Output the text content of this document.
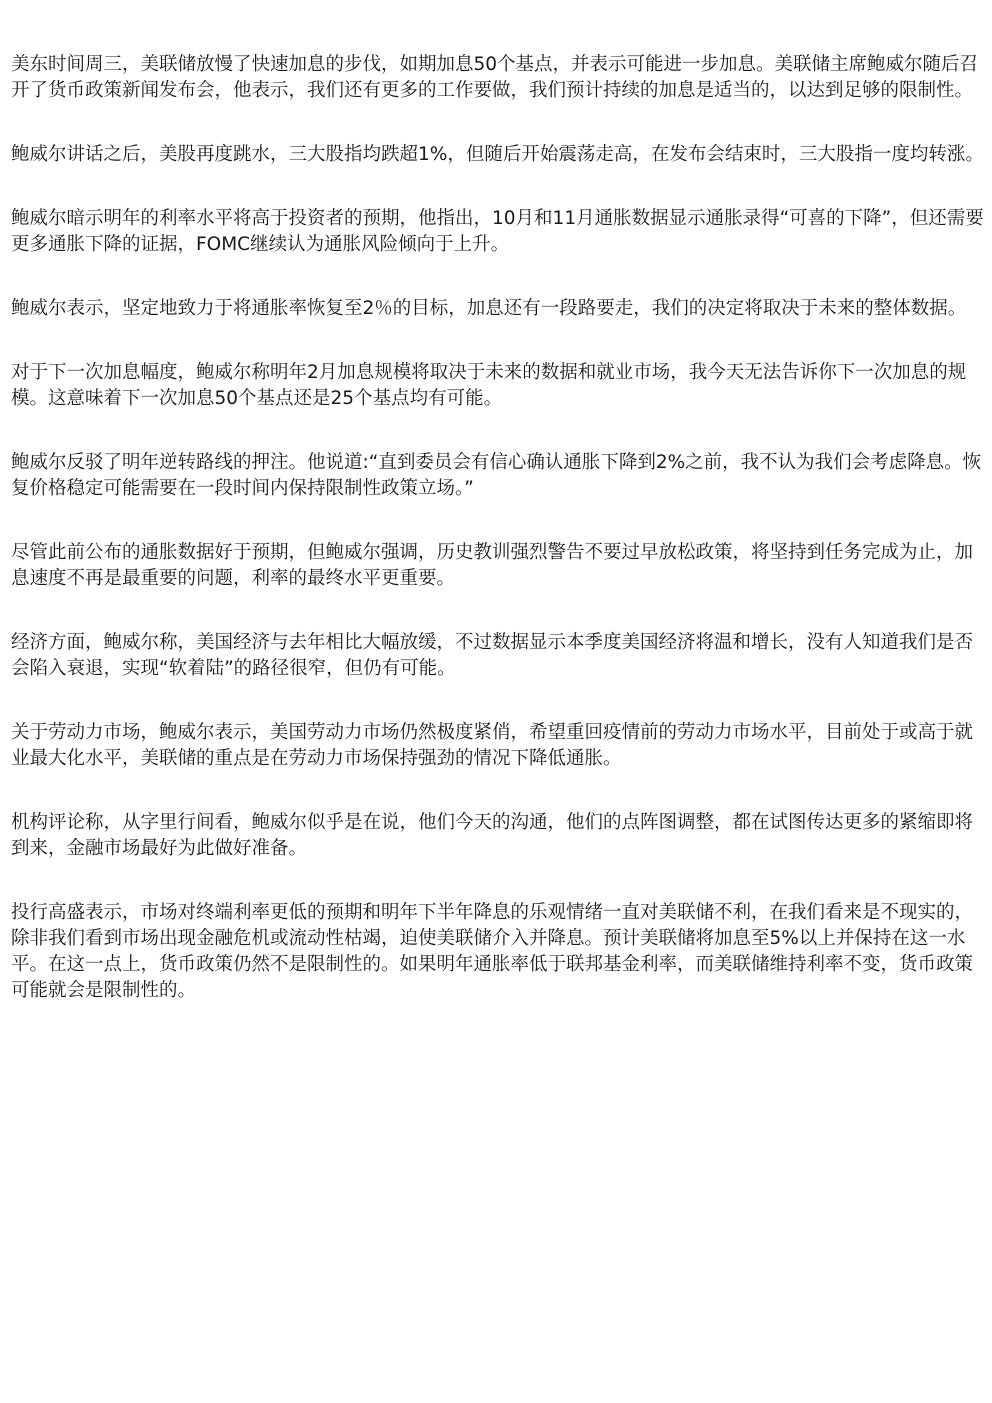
美东时间周三，美联储放慢了快速加息的步伐，如期加息50个基点，并表示可能进一步加息。美联储主席鲍威尔随后召开了货币政策新闻发布会，他表示，我们还有更多的工作要做，我们预计持续的加息是适当的，以达到足够的限制性。

鲍威尔讲话之后，美股再度跳水，三大股指均跌超1%，但随后开始震荡走高，在发布会结束时，三大股指一度均转涨。

鲍威尔暗示明年的利率水平将高于投资者的预期，他指出，10月和11月通胀数据显示通胀录得“可喜的下降”，但还需要更多通胀下降的证据，FOMC继续认为通胀风险倾向于上升。

鲍威尔表示，坚定地致力于将通胀率恢复至2％的目标，加息还有一段路要走，我们的决定将取决于未来的整体数据。

对于下一次加息幅度，鲍威尔称明年2月加息规模将取决于未来的数据和就业市场，我今天无法告诉你下一次加息的规模。这意味着下一次加息50个基点还是25个基点均有可能。

鲍威尔反驳了明年逆转路线的押注。他说道:“直到委员会有信心确认通胀下降到2%之前，我不认为我们会考虑降息。恢复价格稳定可能需要在一段时间内保持限制性政策立场。”

尽管此前公布的通胀数据好于预期，但鲍威尔强调，历史教训强烈警告不要过早放松政策，将坚持到任务完成为止，加息速度不再是最重要的问题，利率的最终水平更重要。

经济方面，鲍威尔称，美国经济与去年相比大幅放缓，不过数据显示本季度美国经济将温和增长，没有人知道我们是否会陷入衰退，实现“软着陆”的路径很窄，但仍有可能。

关于劳动力市场，鲍威尔表示，美国劳动力市场仍然极度紧俏，希望重回疫情前的劳动力市场水平，目前处于或高于就业最大化水平，美联储的重点是在劳动力市场保持强劲的情况下降低通胀。

机构评论称，从字里行间看，鲍威尔似乎是在说，他们今天的沟通，他们的点阵图调整，都在试图传达更多的紧缩即将到来，金融市场最好为此做好准备。

投行高盛表示，市场对终端利率更低的预期和明年下半年降息的乐观情绪一直对美联储不利，在我们看来是不现实的，除非我们看到市场出现金融危机或流动性枯竭，迫使美联储介入并降息。预计美联储将加息至5%以上并保持在这一水平。在这一点上，货币政策仍然不是限制性的。如果明年通胀率低于联邦基金利率，而美联储维持利率不变，货币政策可能就会是限制性的。
